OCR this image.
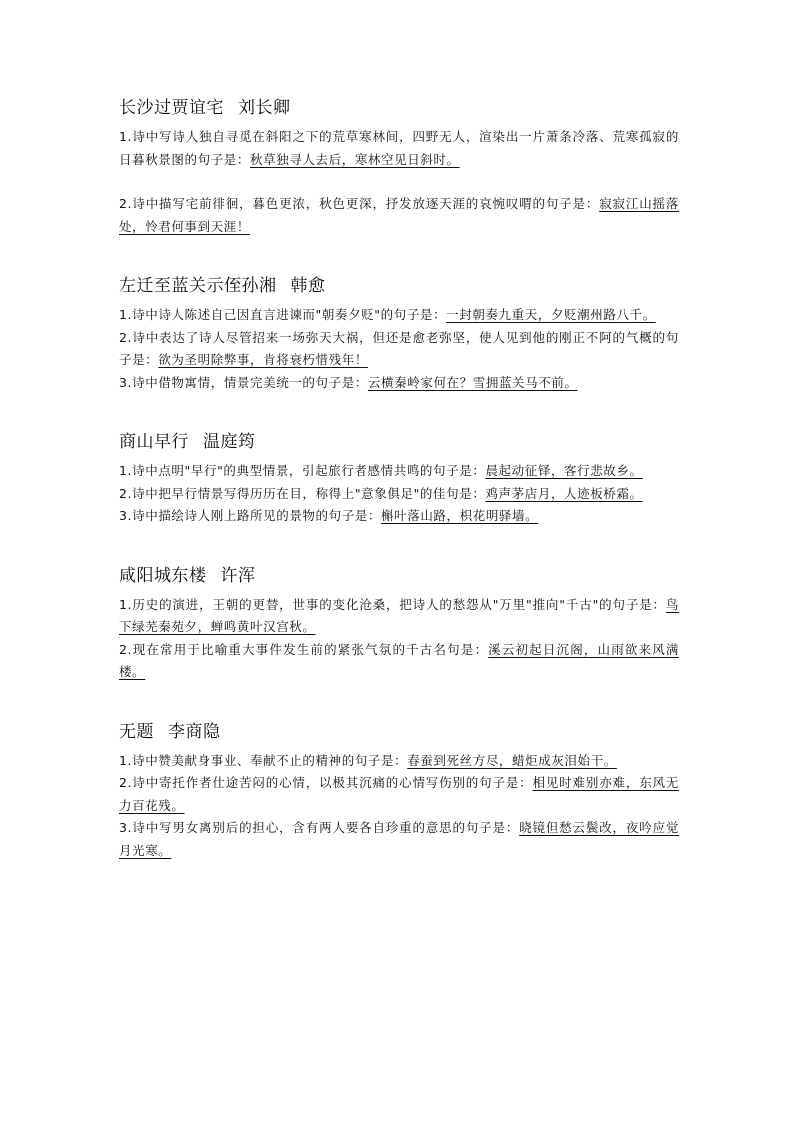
长沙过贾谊宅 刘长卿

1.诗中写诗人独自寻觅在斜阳之下的荒草寒林间，四野无人，渲染出一片萧条冷落、荒寒孤寂的日暮秋景图的句子是：秋草独寻人去后，寒林空见日斜时。

2.诗中描写宅前徘徊，暮色更浓，秋色更深，抒发放逐天涯的哀惋叹喟的句子是：寂寂江山摇落处，怜君何事到天涯！

左迁至蓝关示侄孙湘 韩愈

1.诗中诗人陈述自己因直言进谏而"朝奏夕贬"的句子是：一封朝奏九重天，夕贬潮州路八千。

2.诗中表达了诗人尽管招来一场弥天大祸，但还是愈老弥坚，使人见到他的刚正不阿的气概的句子是：欲为圣明除弊事，肯将衰朽惜残年！

3.诗中借物寓情，情景完美统一的句子是：云横秦岭家何在？雪拥蓝关马不前。

商山早行 温庭筠

1.诗中点明"早行"的典型情景，引起旅行者感情共鸣的句子是：晨起动征铎，客行悲故乡。

2.诗中把早行情景写得历历在目，称得上"意象俱足"的佳句是：鸡声茅店月，人迹板桥霜。

3.诗中描绘诗人刚上路所见的景物的句子是：槲叶落山路，枳花明驿墙。

咸阳城东楼 许浑

1.历史的演进，王朝的更替，世事的变化沧桑，把诗人的愁怨从"万里"推向"千古"的句子是：鸟下绿芜秦苑夕，蝉鸣黄叶汉宫秋。

2.现在常用于比喻重大事件发生前的紧张气氛的千古名句是：溪云初起日沉阁，山雨欲来风满楼。

无题 李商隐

1.诗中赞美献身事业、奉献不止的精神的句子是：春蚕到死丝方尽，蜡炬成灰泪始干。

2.诗中寄托作者仕途苦闷的心情，以极其沉痛的心情写伤别的句子是：相见时难别亦难，东风无力百花残。

3.诗中写男女离别后的担心，含有两人要各自珍重的意思的句子是：晓镜但愁云鬓改，夜吟应觉月光寒。
